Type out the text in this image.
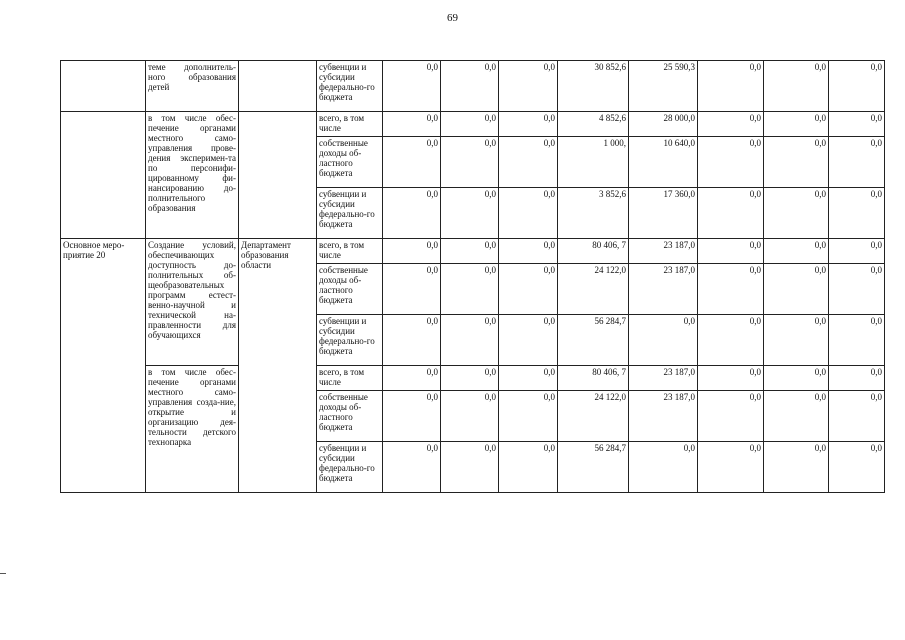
69
	теме дополнитель-ного образования детей		субвенции и субсидии федерально-го бюджета	0,0	0,0	0,0	30 852,6	25 590,3	0,0	0,0	0,0
	в том числе обес-печение органами местного само-управления прове-дения эксперимен-та по персонифи-цированному фи-нансированию до-полнительного образования		всего, в том числе	0,0	0,0	0,0	4 852,6	28 000,0	0,0	0,0	0,0
			собственные доходы об-ластного бюджета	0,0	0,0	0,0	1 000,	10 640,0	0,0	0,0	0,0
			субвенции и субсидии федерально-го бюджета	0,0	0,0	0,0	3 852,6	17 360,0	0,0	0,0	0,0
Основное меро-приятие 20	Создание условий, обеспечивающих доступность до-полнительных об-щеобразовательных программ естест-венно-научной и технической на-правленности для обучающихся	Департамент образования области	всего, в том числе	0,0	0,0	0,0	80 406, 7	23 187,0	0,0	0,0	0,0
			собственные доходы об-ластного бюджета	0,0	0,0	0,0	24 122,0	23 187,0	0,0	0,0	0,0
			субвенции и субсидии федерально-го бюджета	0,0	0,0	0,0	56 284,7	0,0	0,0	0,0	0,0
	в том числе обес-печение органами местного само-управления созда-ние, открытие и организацию дея-тельности детского технопарка		всего, в том числе	0,0	0,0	0,0	80 406, 7	23 187,0	0,0	0,0	0,0
			собственные доходы об-ластного бюджета	0,0	0,0	0,0	24 122,0	23 187,0	0,0	0,0	0,0
			субвенции и субсидии федерально-го бюджета	0,0	0,0	0,0	56 284,7	0,0	0,0	0,0	0,0
